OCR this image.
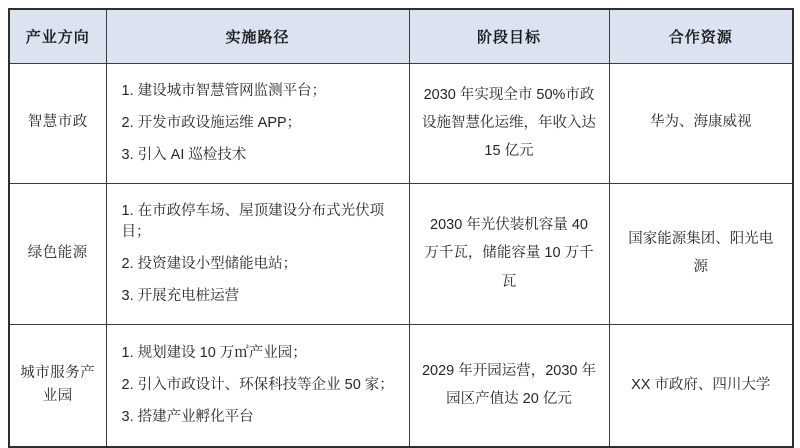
产业方向	实施路径	阶段目标	合作资源
智慧市政	1. 建设城市智慧管网监测平台；
2. 开发市政设施运维 APP；
3. 引入 AI 巡检技术	2030 年实现全市 50%市政设施智慧化运维，年收入达 15 亿元	华为、海康威视
绿色能源	1. 在市政停车场、屋顶建设分布式光伏项目；
2. 投资建设小型储能电站；
3. 开展充电桩运营	2030 年光伏装机容量 40 万千瓦，储能容量 10 万千瓦	国家能源集团、阳光电源
城市服务产业园	1. 规划建设 10 万㎡产业园；
2. 引入市政设计、环保科技等企业 50 家；
3. 搭建产业孵化平台	2029 年开园运营，2030 年园区产值达 20 亿元	XX 市政府、四川大学
